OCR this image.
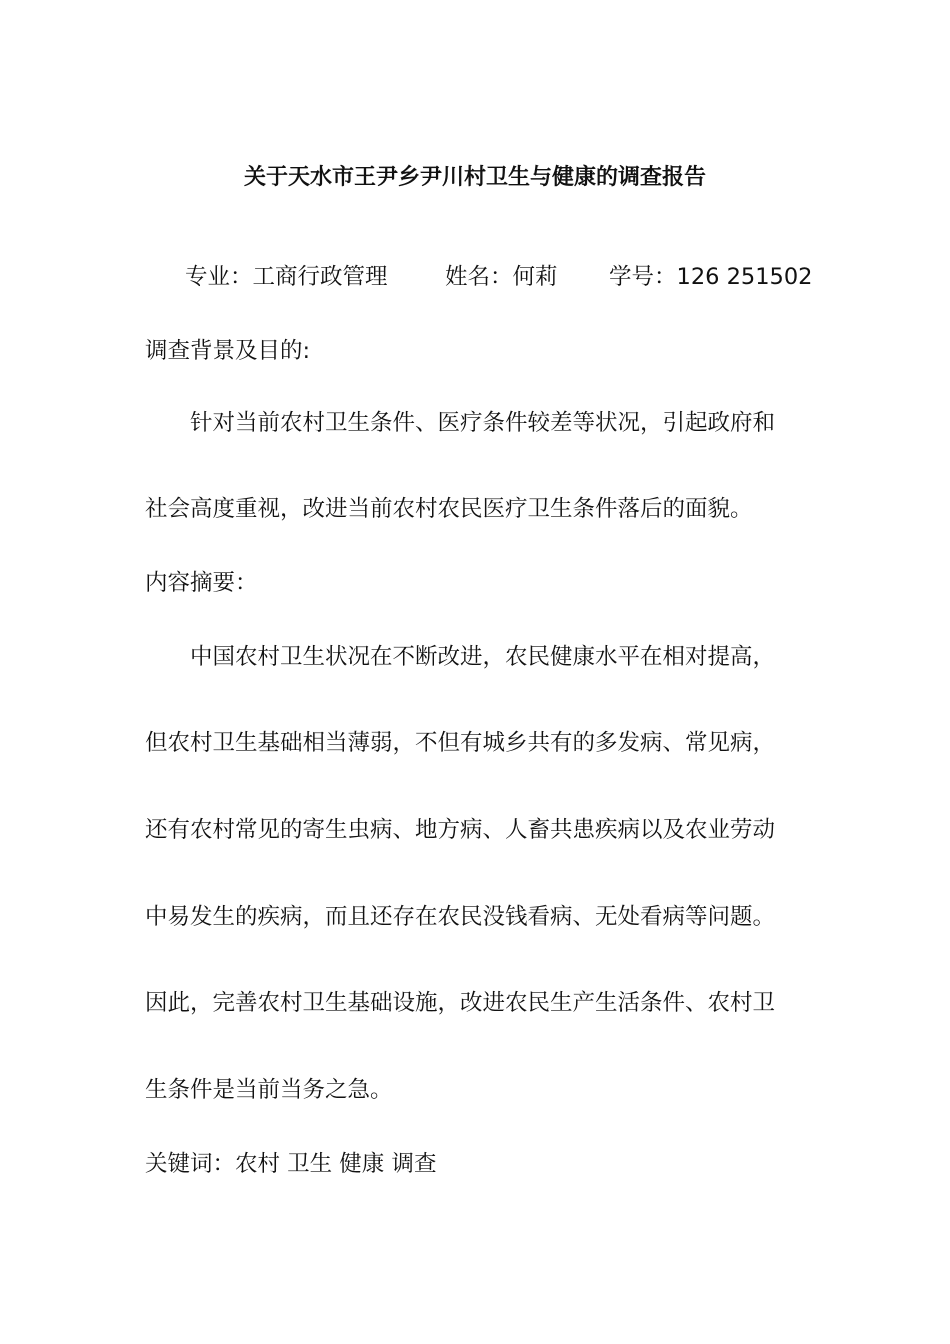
关于天水市王尹乡尹川村卫生与健康的调查报告
专业：工商行政管理	姓名：何莉 学号：126 251502
调查背景及目的:
针对当前农村卫生条件、医疗条件较差等状况，引起政府和
社会高度重视，改进当前农村农民医疗卫生条件落后的面貌。
内容摘要：
中国农村卫生状况在不断改进，农民健康水平在相对提高，
但农村卫生基础相当薄弱，不但有城乡共有的多发病、常见病，
还有农村常见的寄生虫病、地方病、人畜共患疾病以及农业劳动
中易发生的疾病，而且还存在农民没钱看病、无处看病等问题。
因此，完善农村卫生基础设施，改进农民生产生活条件、农村卫
生条件是当前当务之急。
关键词：农村 卫生 健康 调查
